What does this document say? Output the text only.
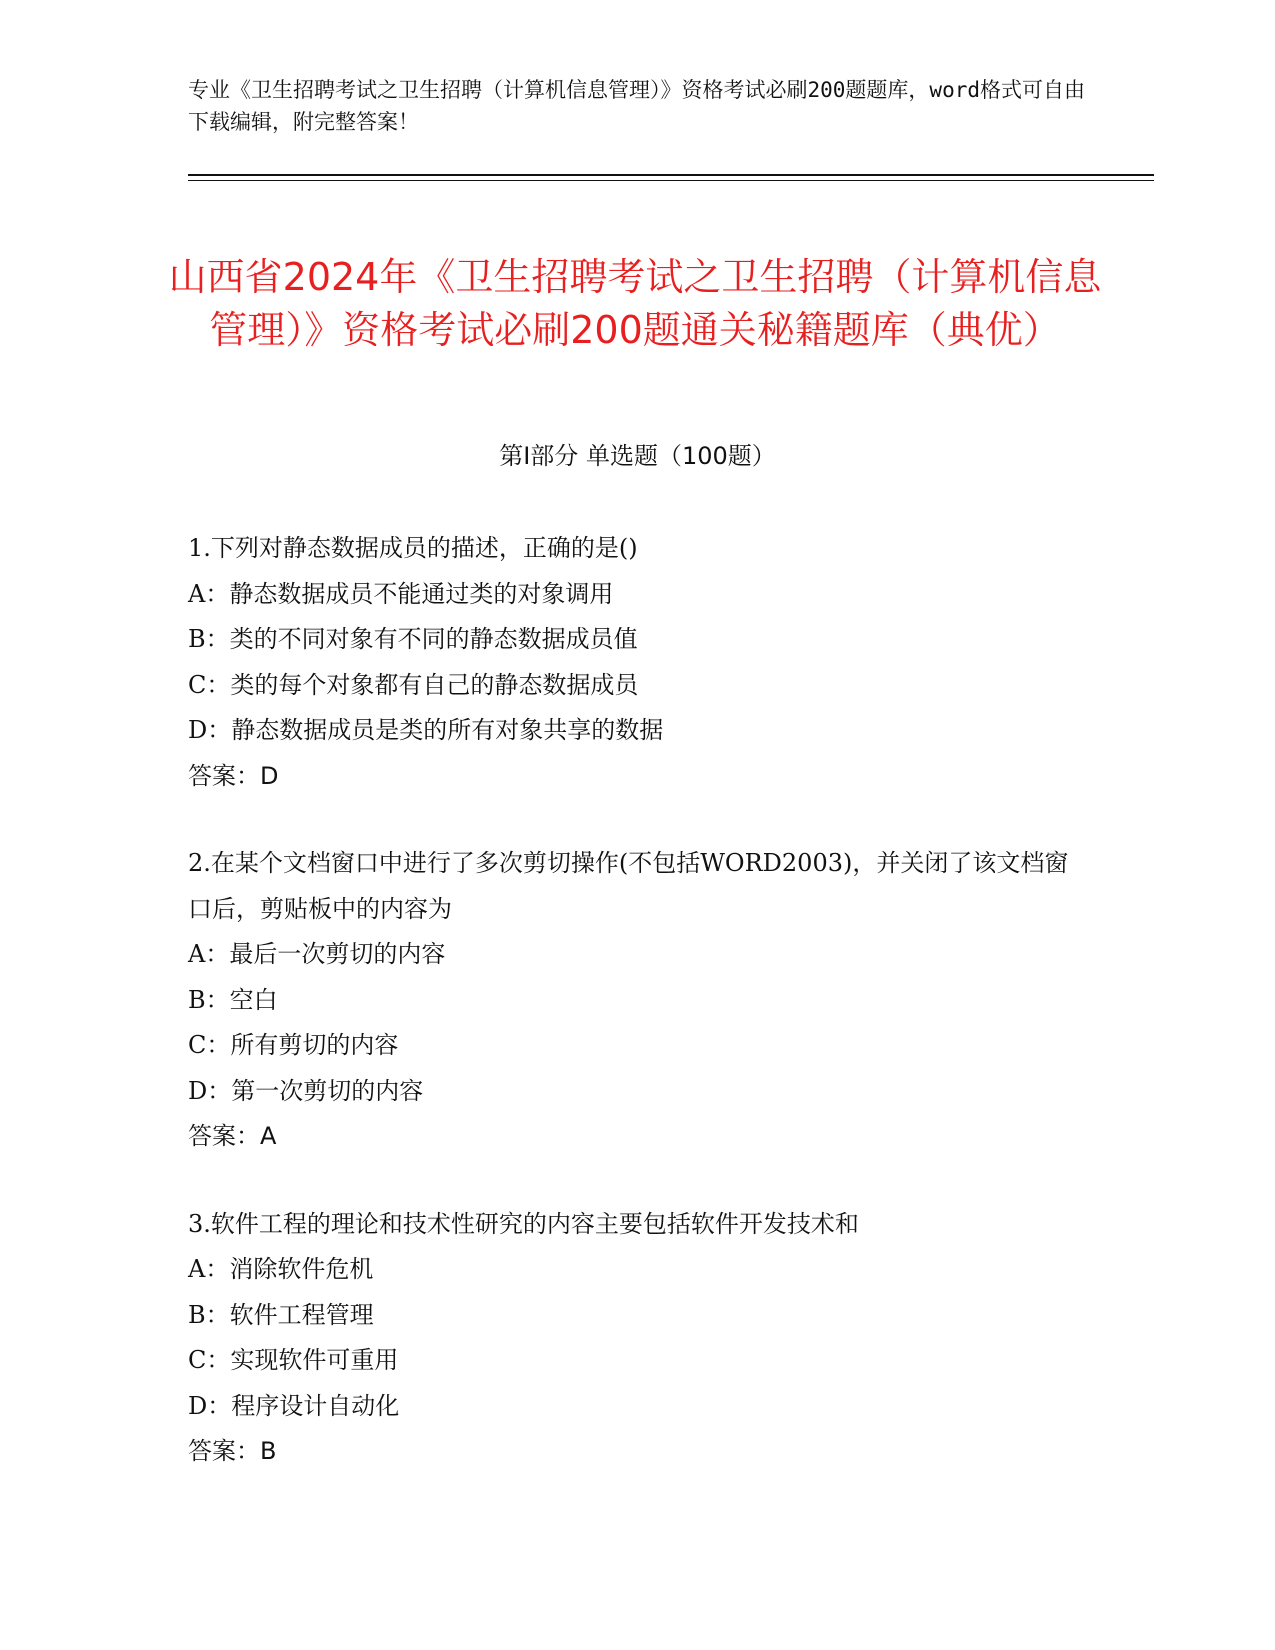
专业《卫生招聘考试之卫生招聘（计算机信息管理）》资格考试必刷200题题库，word格式可自由下载编辑，附完整答案！
山西省2024年《卫生招聘考试之卫生招聘（计算机信息管理）》资格考试必刷200题通关秘籍题库（典优）
第Ⅰ部分 单选题（100题）
1.下列对静态数据成员的描述，正确的是()
A：静态数据成员不能通过类的对象调用
B：类的不同对象有不同的静态数据成员值
C：类的每个对象都有自己的静态数据成员
D：静态数据成员是类的所有对象共享的数据
答案：D
2.在某个文档窗口中进行了多次剪切操作(不包括WORD2003)，并关闭了该文档窗口后，剪贴板中的内容为
A：最后一次剪切的内容
B：空白
C：所有剪切的内容
D：第一次剪切的内容
答案：A
3.软件工程的理论和技术性研究的内容主要包括软件开发技术和
A：消除软件危机
B：软件工程管理
C：实现软件可重用
D：程序设计自动化
答案：B
